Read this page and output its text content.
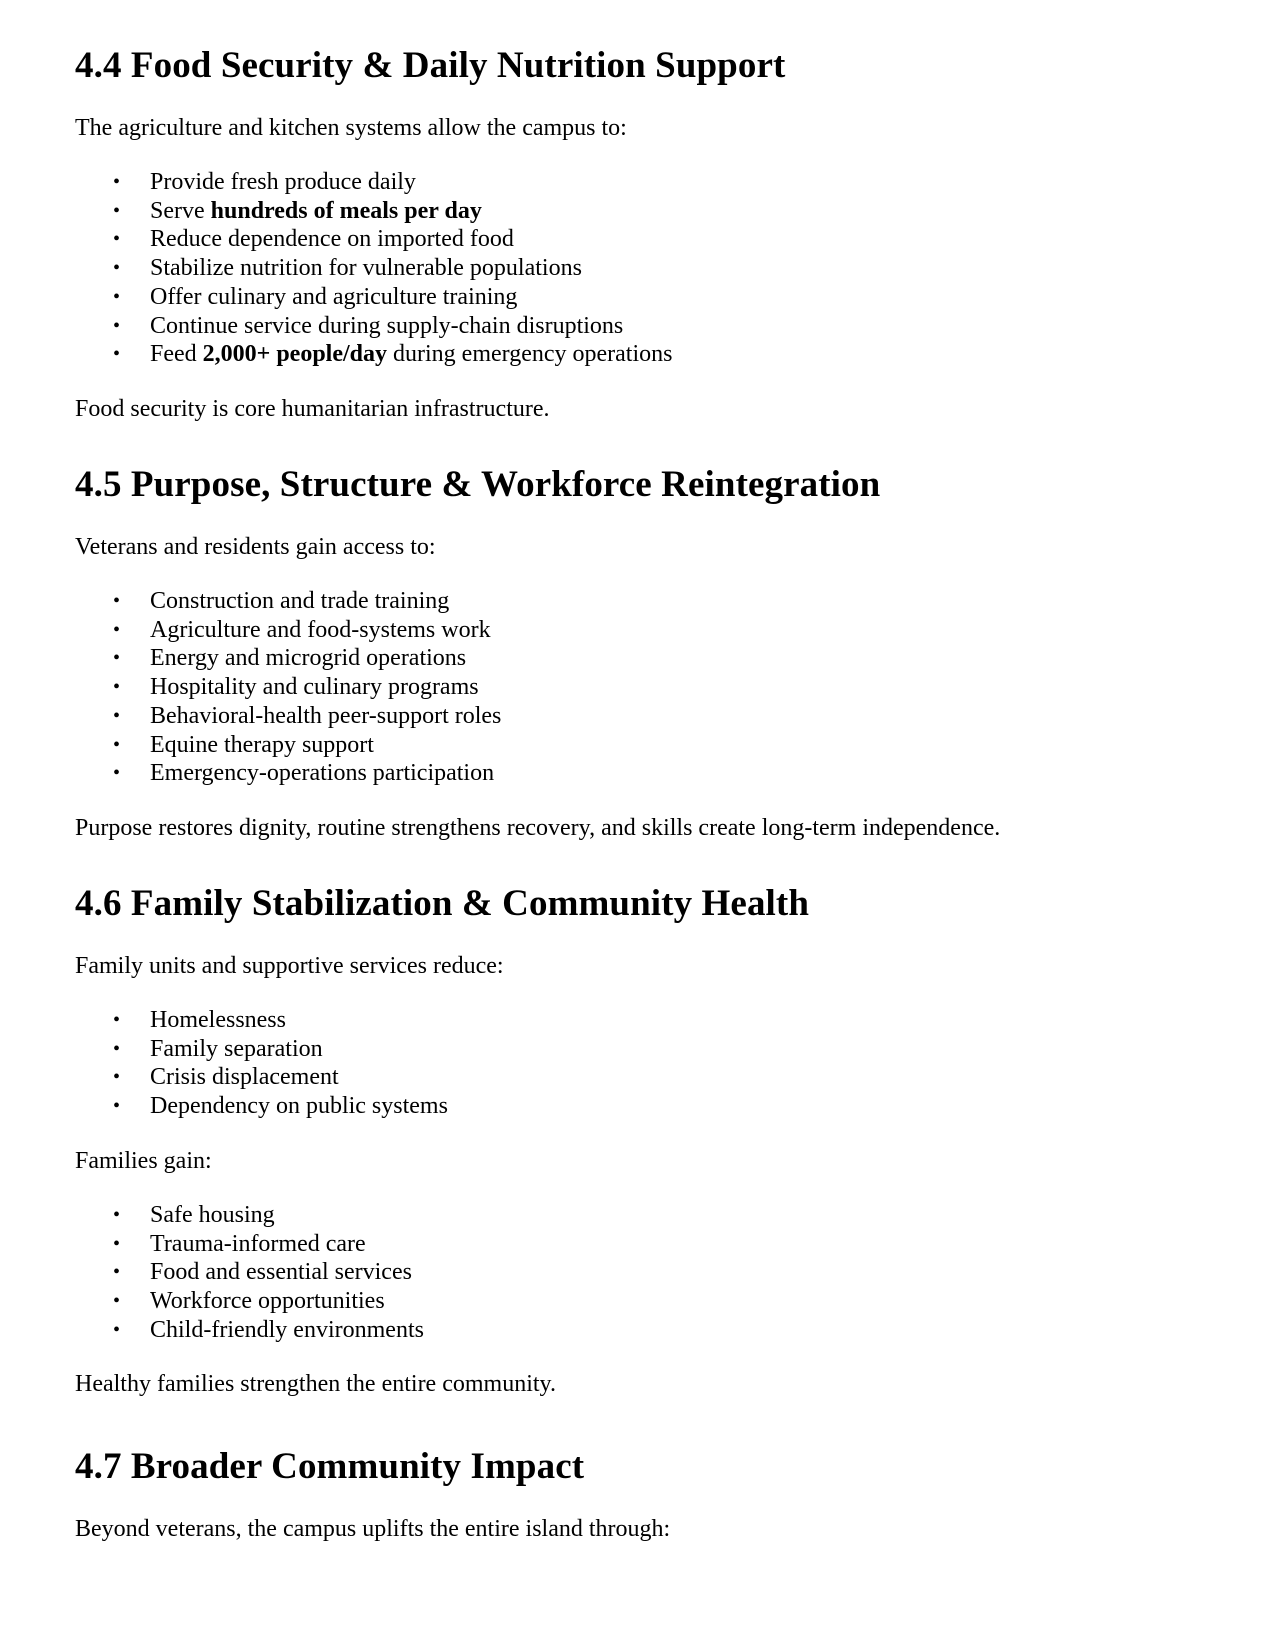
4.4 Food Security & Daily Nutrition Support

The agriculture and kitchen systems allow the campus to:

• Provide fresh produce daily
• Serve hundreds of meals per day
• Reduce dependence on imported food
• Stabilize nutrition for vulnerable populations
• Offer culinary and agriculture training
• Continue service during supply-chain disruptions
• Feed 2,000+ people/day during emergency operations

Food security is core humanitarian infrastructure.

4.5 Purpose, Structure & Workforce Reintegration

Veterans and residents gain access to:

• Construction and trade training
• Agriculture and food-systems work
• Energy and microgrid operations
• Hospitality and culinary programs
• Behavioral-health peer-support roles
• Equine therapy support
• Emergency-operations participation

Purpose restores dignity, routine strengthens recovery, and skills create long-term independence.

4.6 Family Stabilization & Community Health

Family units and supportive services reduce:

• Homelessness
• Family separation
• Crisis displacement
• Dependency on public systems

Families gain:

• Safe housing
• Trauma-informed care
• Food and essential services
• Workforce opportunities
• Child-friendly environments

Healthy families strengthen the entire community.

4.7 Broader Community Impact

Beyond veterans, the campus uplifts the entire island through:
